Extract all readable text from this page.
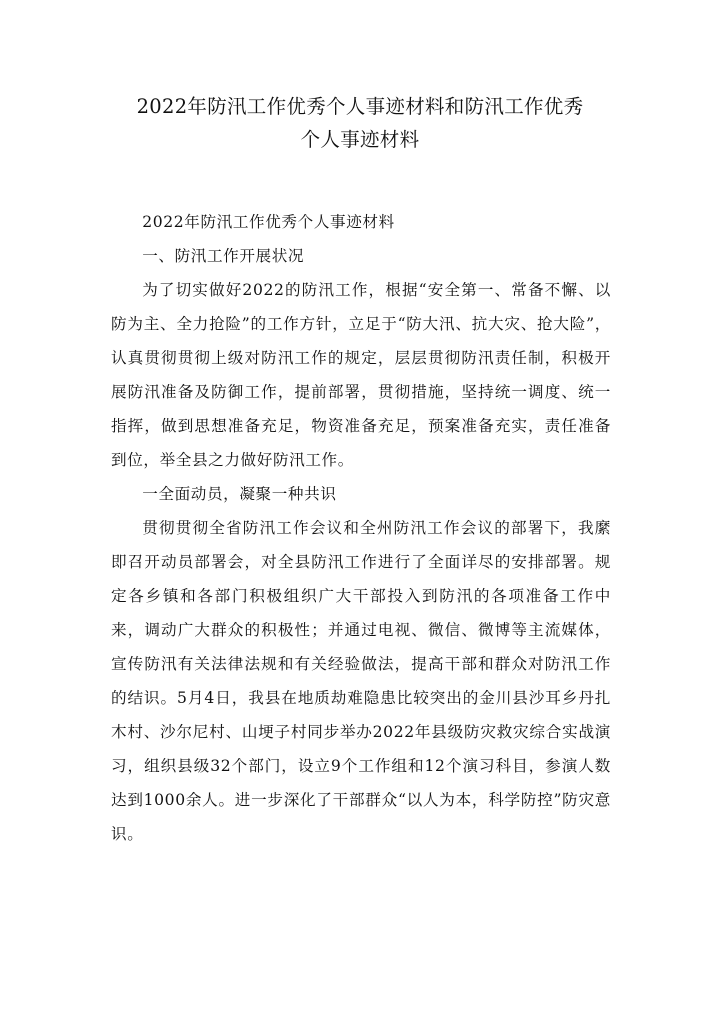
2022年防汛工作优秀个人事迹材料和防汛工作优秀
个人事迹材料

2022年防汛工作优秀个人事迹材料

一、防汛工作开展状况

为了切实做好2022的防汛工作，根据“安全第一、常备不懈、以防为主、全力抢险”的工作方针，立足于“防大汛、抗大灾、抢大险”，认真贯彻贯彻上级对防汛工作的规定，层层贯彻防汛责任制，积极开展防汛准备及防御工作，提前部署，贯彻措施，坚持统一调度、统一指挥，做到思想准备充足，物资准备充足，预案准备充实，责任准备到位，举全县之力做好防汛工作。

一全面动员，凝聚一种共识

贯彻贯彻全省防汛工作会议和全州防汛工作会议的部署下，我縻即召开动员部署会，对全县防汛工作进行了全面详尽的安排部署。规定各乡镇和各部门积极组织广大干部投入到防汛的各项准备工作中来，调动广大群众的积极性；并通过电视、微信、微博等主流媒体，宣传防汛有关法律法规和有关经验做法，提高干部和群众对防汛工作的结识。5月4日，我县在地质劫难隐患比较突出的金川县沙耳乡丹扎木村、沙尔尼村、山埂子村同步举办2022年县级防灾救灾综合实战演习，组织县级32个部门，设立9个工作组和12个演习科目，参演人数达到1000余人。进一步深化了干部群众“以人为本，科学防控”防灾意识。
